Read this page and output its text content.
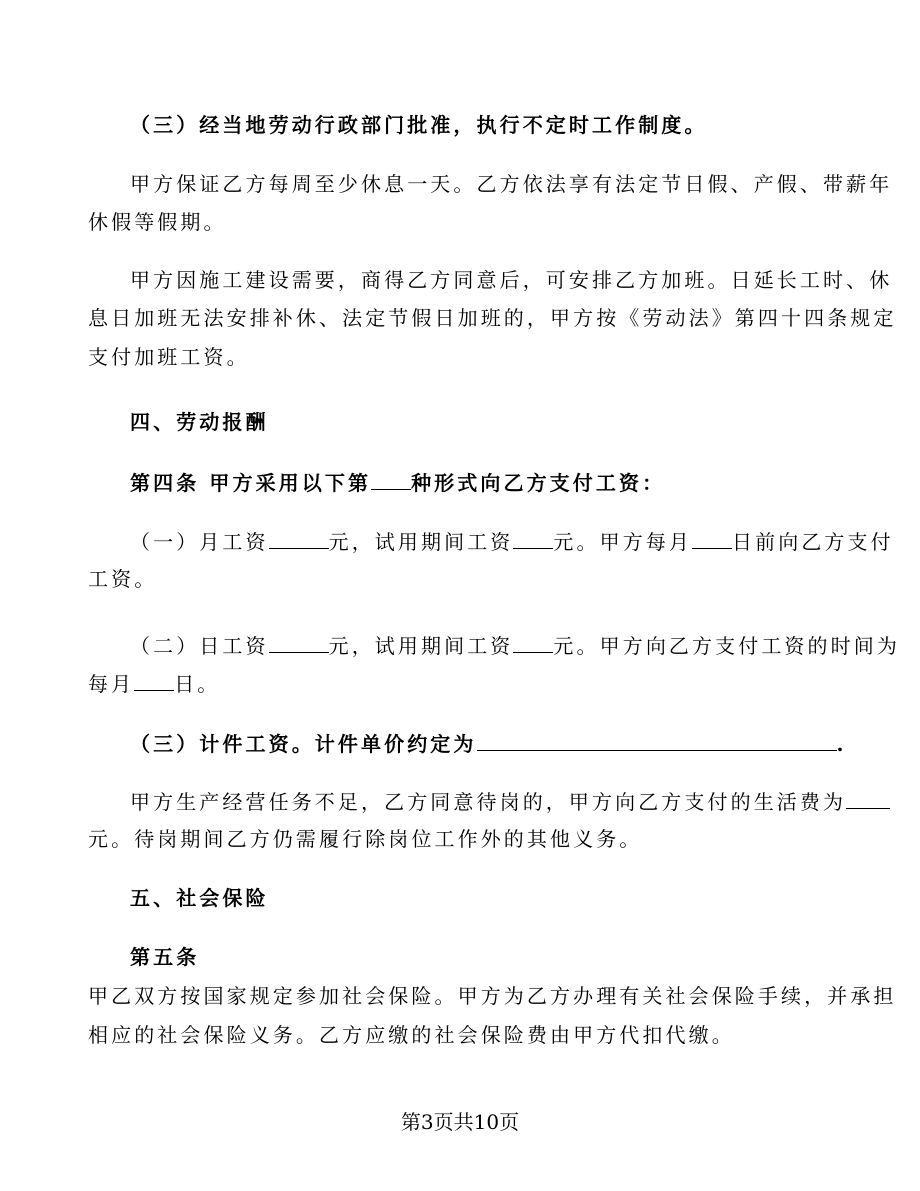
（三）经当地劳动行政部门批准，执行不定时工作制度。

甲方保证乙方每周至少休息一天。乙方依法享有法定节日假、产假、带薪年

休假等假期。

甲方因施工建设需要，商得乙方同意后，可安排乙方加班。日延长工时、休

息日加班无法安排补休、法定节假日加班的，甲方按《劳动法》第四十四条规定

支付加班工资。

四、劳动报酬

第四条 甲方采用以下第 种形式向乙方支付工资：

（一）月工资	元，试用期间工资 元。甲方每月 日前向乙方支付

工资。

（二）日工资	元，试用期间工资 元。甲方向乙方支付工资的时间为

每月 日。

（三）计件工资。计件单价约定为	.

甲方生产经营任务不足，乙方同意待岗的，甲方向乙方支付的生活费为

元。待岗期间乙方仍需履行除岗位工作外的其他义务。

五、社会保险

第五条

甲乙双方按国家规定参加社会保险。甲方为乙方办理有关社会保险手续，并承担

相应的社会保险义务。乙方应缴的社会保险费由甲方代扣代缴。

第3页共10页
